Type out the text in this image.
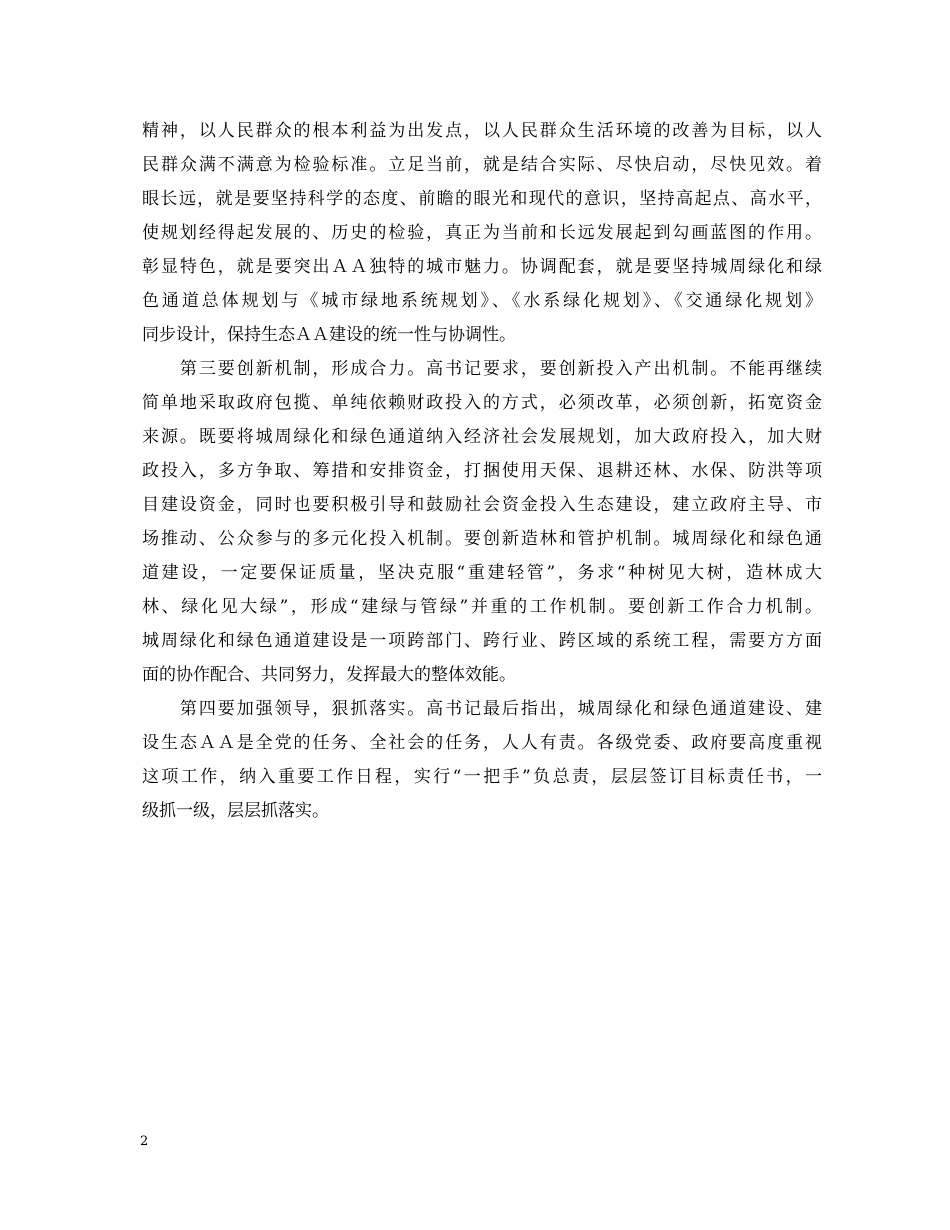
精神，以人民群众的根本利益为出发点，以人民群众生活环境的改善为目标，以人
民群众满不满意为检验标准。立足当前，就是结合实际、尽快启动，尽快见效。着
眼长远，就是要坚持科学的态度、前瞻的眼光和现代的意识，坚持高起点、高水平，
使规划经得起发展的、历史的检验，真正为当前和长远发展起到勾画蓝图的作用。
彰显特色，就是要突出ＡＡ独特的城市魅力。协调配套，就是要坚持城周绿化和绿
色通道总体规划与《城市绿地系统规划》、《水系绿化规划》、《交通绿化规划》
同步设计，保持生态ＡＡ建设的统一性与协调性。
　　第三要创新机制，形成合力。高书记要求，要创新投入产出机制。不能再继续
简单地采取政府包揽、单纯依赖财政投入的方式，必须改革，必须创新，拓宽资金
来源。既要将城周绿化和绿色通道纳入经济社会发展规划，加大政府投入，加大财
政投入，多方争取、筹措和安排资金，打捆使用天保、退耕还林、水保、防洪等项
目建设资金，同时也要积极引导和鼓励社会资金投入生态建设，建立政府主导、市
场推动、公众参与的多元化投入机制。要创新造林和管护机制。城周绿化和绿色通
道建设，一定要保证质量，坚决克服“重建轻管”，务求“种树见大树，造林成大
林、绿化见大绿”，形成“建绿与管绿”并重的工作机制。要创新工作合力机制。
城周绿化和绿色通道建设是一项跨部门、跨行业、跨区域的系统工程，需要方方面
面的协作配合、共同努力，发挥最大的整体效能。
　　第四要加强领导，狠抓落实。高书记最后指出，城周绿化和绿色通道建设、建
设生态ＡＡ是全党的任务、全社会的任务，人人有责。各级党委、政府要高度重视
这项工作，纳入重要工作日程，实行“一把手”负总责，层层签订目标责任书，一
级抓一级，层层抓落实。
2
